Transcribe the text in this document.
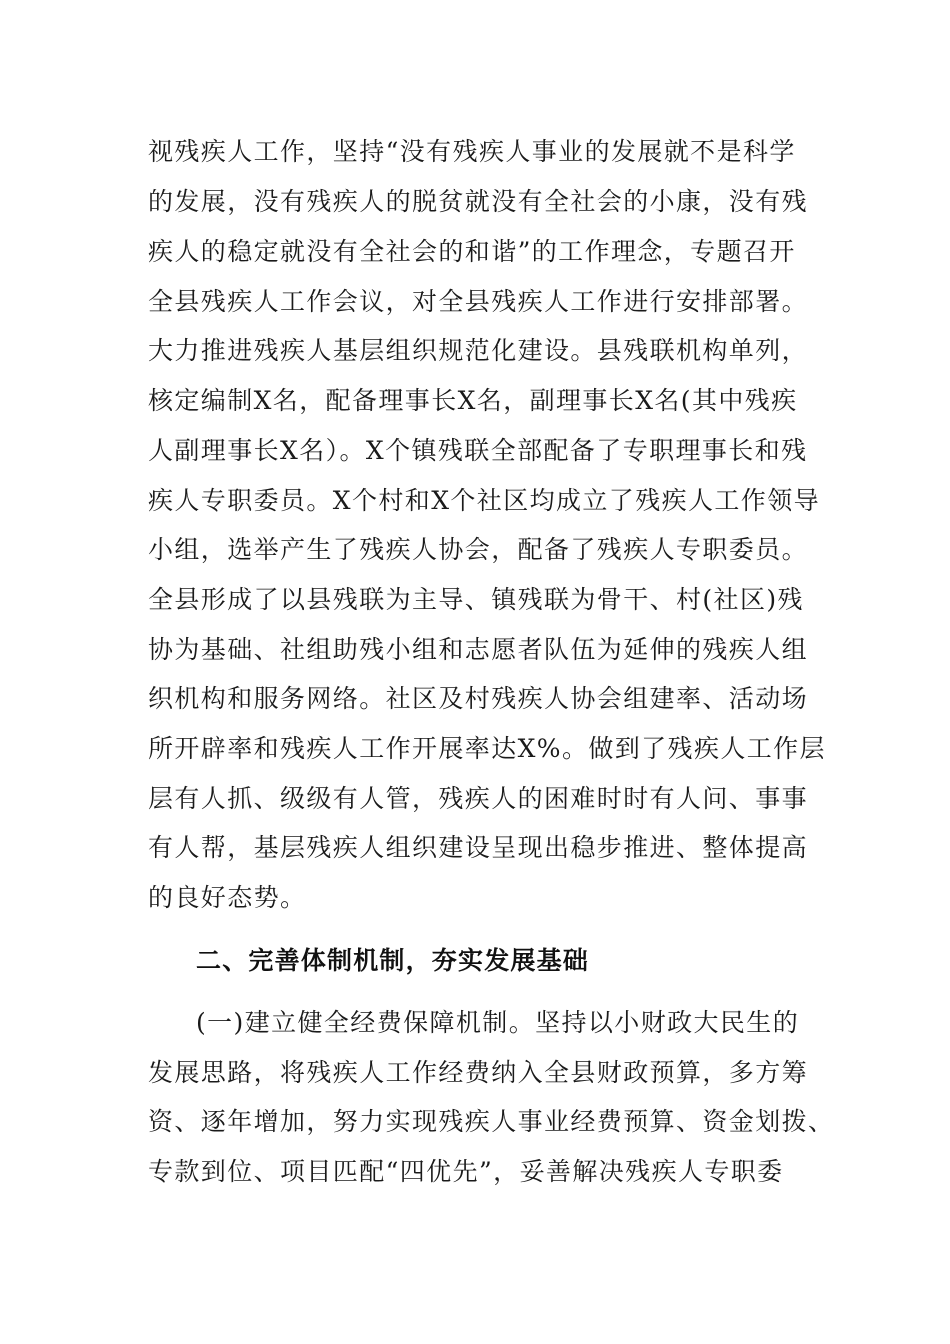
视残疾人工作，坚持“没有残疾人事业的发展就不是科学
的发展，没有残疾人的脱贫就没有全社会的小康，没有残
疾人的稳定就没有全社会的和谐”的工作理念，专题召开
全县残疾人工作会议，对全县残疾人工作进行安排部署。
大力推进残疾人基层组织规范化建设。县残联机构单列，
核定编制X名，配备理事长X名，副理事长X名(其中残疾
人副理事长X名）。X个镇残联全部配备了专职理事长和残
疾人专职委员。X个村和X个社区均成立了残疾人工作领导
小组，选举产生了残疾人协会，配备了残疾人专职委员。
全县形成了以县残联为主导、镇残联为骨干、村(社区)残
协为基础、社组助残小组和志愿者队伍为延伸的残疾人组
织机构和服务网络。社区及村残疾人协会组建率、活动场
所开辟率和残疾人工作开展率达X%。做到了残疾人工作层
层有人抓、级级有人管，残疾人的困难时时有人问、事事
有人帮，基层残疾人组织建设呈现出稳步推进、整体提高
的良好态势。
二、完善体制机制，夯实发展基础
(一)建立健全经费保障机制。坚持以小财政大民生的
发展思路，将残疾人工作经费纳入全县财政预算，多方筹
资、逐年增加，努力实现残疾人事业经费预算、资金划拨、
专款到位、项目匹配“四优先”，妥善解决残疾人专职委
